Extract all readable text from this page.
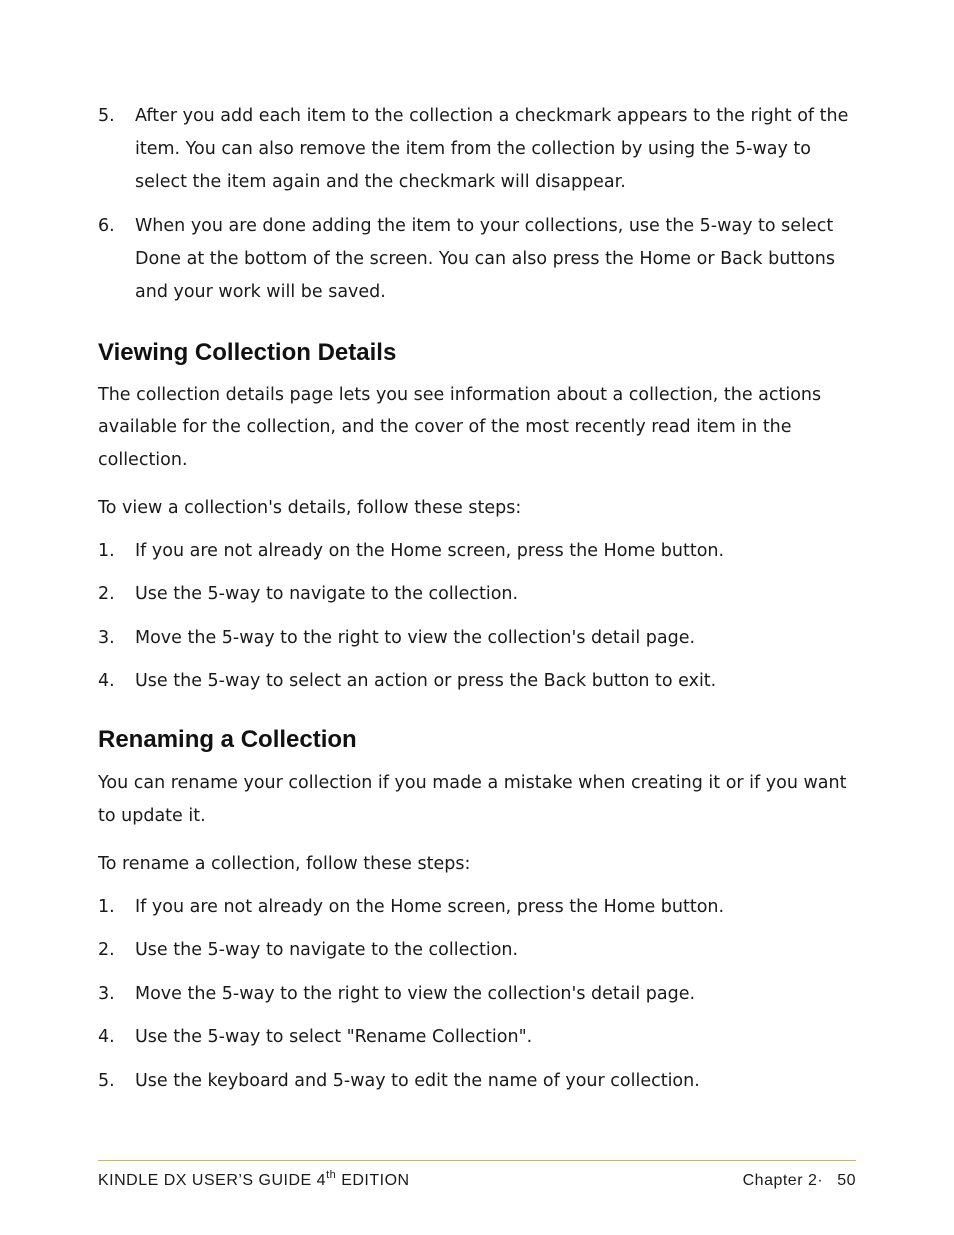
5.	After you add each item to the collection a checkmark appears to the right of the item. You can also remove the item from the collection by using the 5-way to select the item again and the checkmark will disappear.
6.	When you are done adding the item to your collections, use the 5-way to select Done at the bottom of the screen. You can also press the Home or Back buttons and your work will be saved.
Viewing Collection Details

The collection details page lets you see information about a collection, the actions available for the collection, and the cover of the most recently read item in the collection.

To view a collection's details, follow these steps:

1.	If you are not already on the Home screen, press the Home button.
2.	Use the 5-way to navigate to the collection.
3.	Move the 5-way to the right to view the collection's detail page.
4.	Use the 5-way to select an action or press the Back button to exit.
Renaming a Collection

You can rename your collection if you made a mistake when creating it or if you want to update it.

To rename a collection, follow these steps:

1.	If you are not already on the Home screen, press the Home button.
2.	Use the 5-way to navigate to the collection.
3.	Move the 5-way to the right to view the collection's detail page.
4.	Use the 5-way to select "Rename Collection".
5.	Use the keyboard and 5-way to edit the name of your collection.
KINDLE DX USER’S GUIDE 4th EDITION	Chapter 2· 50
